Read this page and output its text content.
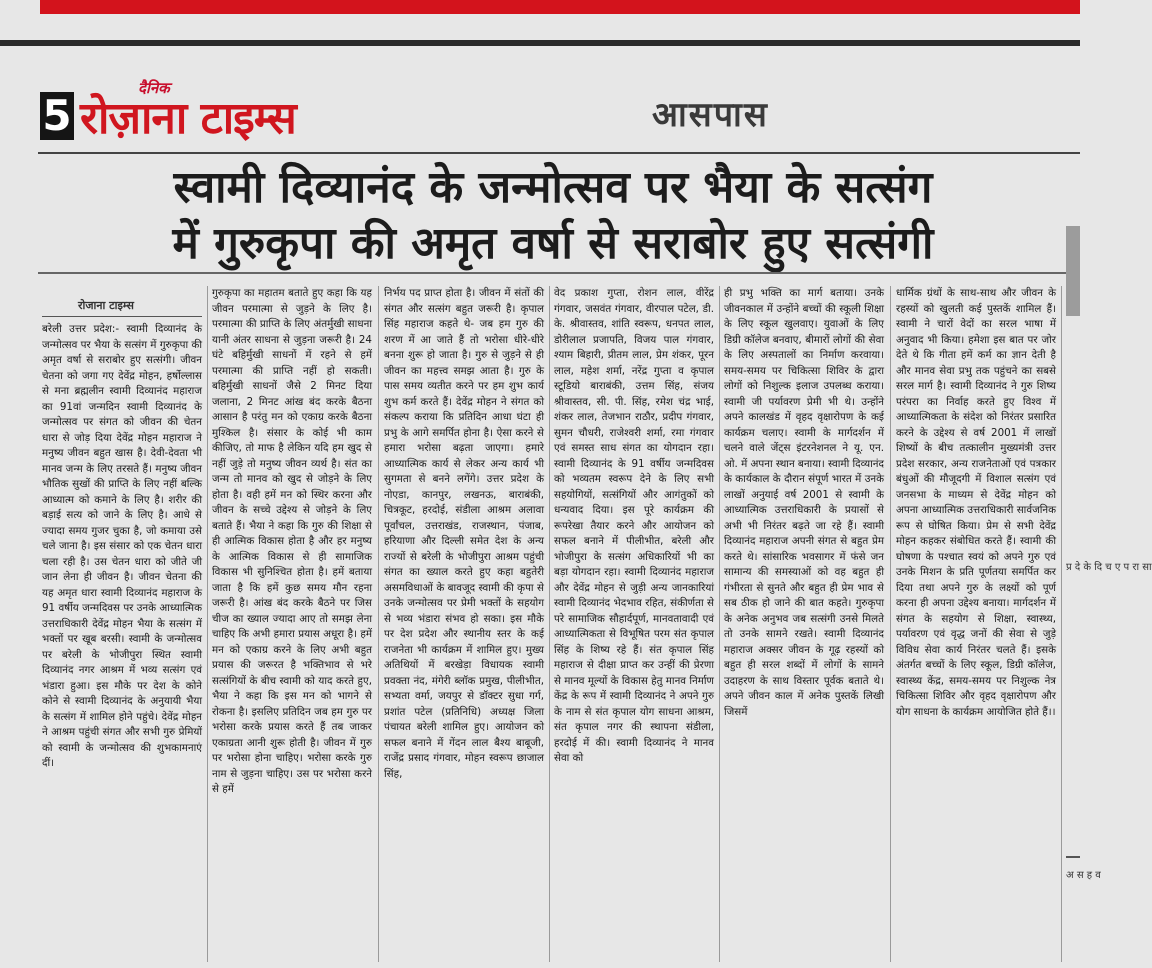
5 रोज़ाना टाइम्स
दैनिक
आसपास
स्वामी दिव्यानंद के जन्मोत्सव पर भैया के सत्संग
में गुरुकृपा की अमृत वर्षा से सराबोर हुए सत्संगी
रोजाना टाइम्स

बरेली उत्तर प्रदेश:- स्वामी दिव्यानंद के जन्मोत्सव पर भैया के सत्संग में गुरुकृपा की अमृत वर्षा से सराबोर हुए सत्संगी। जीवन चेतना को जगा गए देवेंद्र मोहन, हर्षोल्लास से मना ब्रह्मलीन स्वामी दिव्यानंद महाराज का 91वां जन्मदिन स्वामी दिव्यानंद के जन्मोत्सव पर संगत को जीवन की चेतन धारा से जोड़ दिया देवेंद्र मोहन महाराज ने मनुष्य जीवन बहुत खास है। देवी-देवता भी मानव जन्म के लिए तरसते हैं। मनुष्य जीवन भौतिक सुखों की प्राप्ति के लिए नहीं बल्कि आध्यात्म को कमाने के लिए है। शरीर की बड़ाई सत्य को जाने के लिए है। आधे से ज्यादा समय गुजर चुका है, जो कमाया उसे चले जाना है। इस संसार को एक चेतन धारा चला रही है। उस चेतन धारा को जीते जी जान लेना ही जीवन है। जीवन चेतना की यह अमृत धारा स्वामी दिव्यानंद महाराज के 91 वर्षीय जन्मदिवस पर उनके आध्यात्मिक उत्तराधिकारी देवेंद्र मोहन भैया के सत्संग में भक्तों पर खूब बरसी। स्वामी के जन्मोत्सव पर बरेली के भोजीपुरा स्थित स्वामी दिव्यानंद नगर आश्रम में भव्य सत्संग एवं भंडारा हुआ। इस मौके पर देश के कोने कोने से स्वामी दिव्यानंद के अनुयायी भैया के सत्संग में शामिल होने पहुंचे। देवेंद्र मोहन ने आश्रम पहुंची संगत और सभी गुरु प्रेमियों को स्वामी के जन्मोत्सव की शुभकामनाएं दीं।

गुरुकृपा का महातम बताते हुए कहा कि यह जीवन परमात्मा से जुड़ने के लिए है। परमात्मा की प्राप्ति के लिए अंतर्मुखी साधना यानी अंतर साधना से जुड़ना जरूरी है। 24 घंटे बहिर्मुखी साधनों में रहने से हमें परमात्मा की प्राप्ति नहीं हो सकती। बहिर्मुखी साधनों जैसे 2 मिनट दिया जलाना, 2 मिनट आंख बंद करके बैठना आसान है परंतु मन को एकाग्र करके बैठना मुश्किल है। संसार के कोई भी काम कीजिए, तो माफ है लेकिन यदि हम खुद से नहीं जुड़े तो मनुष्य जीवन व्यर्थ है। संत का जन्म तो मानव को खुद से जोड़ने के लिए होता है। वही हमें मन को स्थिर करना और जीवन के सच्चे उद्देश्य से जोड़ने के लिए बताते हैं। भैया ने कहा कि गुरु की शिक्षा से ही आत्मिक विकास होता है और हर मनुष्य के आत्मिक विकास से ही सामाजिक विकास भी सुनिश्चित होता है। हमें बताया जाता है कि हमें कुछ समय मौन रहना जरूरी है। आंख बंद करके बैठने पर जिस चीज का ख्याल ज्यादा आए तो समझ लेना चाहिए कि अभी हमारा प्रयास अधूरा है। हमें मन को एकाग्र करने के लिए अभी बहुत प्रयास की जरूरत है भक्तिभाव से भरे सत्संगियों के बीच स्वामी को याद करते हुए, भैया ने कहा कि इस मन को भागने से रोकना है। इसलिए प्रतिदिन जब हम गुरु पर भरोसा करके प्रयास करते हैं तब जाकर एकाग्रता आनी शुरू होती है। जीवन में गुरु पर भरोसा होना चाहिए। भरोसा करके गुरु नाम से जुड़ना चाहिए। उस पर भरोसा करने से हमें

निर्भय पद प्राप्त होता है। जीवन में संतों की संगत और सत्संग बहुत जरूरी है। कृपाल सिंह महाराज कहते थे- जब हम गुरु की शरण में आ जाते हैं तो भरोसा धीरे-धीरे बनना शुरू हो जाता है। गुरु से जुड़ने से ही जीवन का महत्त्व समझ आता है। गुरु के पास समय व्यतीत करने पर हम शुभ कार्य शुभ कर्म करते हैं। देवेंद्र मोहन ने संगत को संकल्प कराया कि प्रतिदिन आधा घंटा ही प्रभु के आगे समर्पित होना है। ऐसा करने से हमारा भरोसा बढ़ता जाएगा। हमारे आध्यात्मिक कार्य से लेकर अन्य कार्य भी सुगमता से बनने लगेंगे। उत्तर प्रदेश के नोएडा, कानपुर, लखनऊ, बाराबंकी, चित्रकूट, हरदोई, संडीला आश्रम अलावा पूर्वांचल, उत्तराखंड, राजस्थान, पंजाब, हरियाणा और दिल्ली समेत देश के अन्य राज्यों से बरेली के भोजीपुरा आश्रम पहुंची संगत का ख्याल करते हुए कहा बहुतेरी असमविधाओं के बावजूद स्वामी की कृपा से उनके जन्मोत्सव पर प्रेमी भक्तों के सहयोग से भव्य भंडारा संभव हो सका। इस मौके पर देश प्रदेश और स्थानीय स्तर के कई राजनेता भी कार्यक्रम में शामिल हुए। मुख्य अतिथियों में बरखेड़ा विधायक स्वामी प्रवक्ता नंद, मंगेरी ब्लॉक प्रमुख, पीलीभीत, सभ्यता वर्मा, जयपुर से डॉक्टर सुधा गर्ग, प्रशांत पटेल (प्रतिनिधि) अध्यक्ष जिला पंचायत बरेली शामिल हुए। आयोजन को सफल बनाने में गेंदन लाल बैश्य बाबूजी, राजेंद्र प्रसाद गंगवार, मोहन स्वरूप छाजाल सिंह,

वेद प्रकाश गुप्ता, रोशन लाल, वीरेंद्र गंगवार, जसवंत गंगवार, वीरपाल पटेल, डी. के. श्रीवास्तव, शांति स्वरूप, धनपत लाल, डोरीलाल प्रजापति, विजय पाल गंगवार, श्याम बिहारी, प्रीतम लाल, प्रेम शंकर, पूरन लाल, महेश शर्मा, नरेंद्र गुप्ता व कृपाल स्टूडियो बाराबंकी, उत्तम सिंह, संजय श्रीवास्तव, सी. पी. सिंह, रमेश चंद्र भाई, शंकर लाल, तेजभान राठौर, प्रदीप गंगवार, सुमन चौधरी, राजेश्वरी शर्मा, रमा गंगवार एवं समस्त साध संगत का योगदान रहा। स्वामी दिव्यानंद के 91 वर्षीय जन्मदिवस को भव्यतम स्वरूप देने के लिए सभी सहयोगियों, सत्संगियों और आगंतुकों को धन्यवाद दिया। इस पूरे कार्यक्रम की रूपरेखा तैयार करने और आयोजन को सफल बनाने में पीलीभीत, बरेली और भोजीपुरा के सत्संग अधिकारियों भी का बड़ा योगदान रहा। स्वामी दिव्यानंद महाराज और देवेंद्र मोहन से जुड़ी अन्य जानकारियां स्वामी दिव्यानंद भेदभाव रहित, संकीर्णता से परे सामाजिक सौहार्दपूर्ण, मानवतावादी एवं आध्यात्मिकता से विभूषित परम संत कृपाल सिंह के शिष्य रहे हैं। संत कृपाल सिंह महाराज से दीक्षा प्राप्त कर उन्हीं की प्रेरणा से मानव मूल्यों के विकास हेतु मानव निर्माण केंद्र के रूप में स्वामी दिव्यानंद ने अपने गुरु के नाम से संत कृपाल योग साधना आश्रम, संत कृपाल नगर की स्थापना संडीला, हरदोई में की। स्वामी दिव्यानंद ने मानव सेवा को

ही प्रभु भक्ति का मार्ग बताया। उनके जीवनकाल में उन्होंने बच्चों की स्कूली शिक्षा के लिए स्कूल खुलवाए। युवाओं के लिए डिग्री कॉलेज बनवाए, बीमारों लोगों की सेवा के लिए अस्पतालों का निर्माण करवाया। समय-समय पर चिकित्सा शिविर के द्वारा लोगों को निशुल्क इलाज उपलब्ध कराया। स्वामी जी पर्यावरण प्रेमी भी थे। उन्होंने अपने कालखंड में वृहद वृक्षारोपण के कई कार्यक्रम चलाए। स्वामी के मार्गदर्शन में चलने वाले जेंट्स इंटरनेशनल ने यू. एन. ओ. में अपना स्थान बनाया। स्वामी दिव्यानंद के कार्यकाल के दौरान संपूर्ण भारत में उनके लाखों अनुयाई वर्ष 2001 से स्वामी के आध्यात्मिक उत्तराधिकारी के प्रयासों से अभी भी निरंतर बढ़ते जा रहे हैं। स्वामी दिव्यानंद महाराज अपनी संगत से बहुत प्रेम करते थे। सांसारिक भवसागर में फंसे जन सामान्य की समस्याओं को वह बहुत ही गंभीरता से सुनते और बहुत ही प्रेम भाव से सब ठीक हो जाने की बात कहते। गुरुकृपा के अनेक अनुभव जब सत्संगी उनसे मिलते तो उनके सामने रखते। स्वामी दिव्यानंद महाराज अक्सर जीवन के गूढ़ रहस्यों को बहुत ही सरल शब्दों में लोगों के सामने उदाहरण के साथ विस्तार पूर्वक बताते थे। अपने जीवन काल में अनेक पुस्तकें लिखी जिसमें

धार्मिक ग्रंथों के साथ-साथ और जीवन के रहस्यों को खुलती कई पुस्तकें शामिल हैं। स्वामी ने चारों वेदों का सरल भाषा में अनुवाद भी किया। हमेशा इस बात पर जोर देते थे कि गीता हमें कर्म का ज्ञान देती है और मानव सेवा प्रभु तक पहुंचने का सबसे सरल मार्ग है। स्वामी दिव्यानंद ने गुरु शिष्य परंपरा का निर्वाह करते हुए विश्व में आध्यात्मिकता के संदेश को निरंतर प्रसारित करने के उद्देश्य से वर्ष 2001 में लाखों शिष्यों के बीच तत्कालीन मुख्यमंत्री उत्तर प्रदेश सरकार, अन्य राजनेताओं एवं पत्रकार बंधुओं की मौजूदगी में विशाल सत्संग एवं जनसभा के माध्यम से देवेंद्र मोहन को अपना आध्यात्मिक उत्तराधिकारी सार्वजनिक रूप से घोषित किया। प्रेम से सभी देवेंद्र मोहन कहकर संबोधित करते हैं। स्वामी की घोषणा के पश्चात स्वयं को अपने गुरु एवं उनके मिशन के प्रति पूर्णतया समर्पित कर दिया तथा अपने गुरु के लक्ष्यों को पूर्ण करना ही अपना उद्देश्य बनाया। मार्गदर्शन में संगत के सहयोग से शिक्षा, स्वास्थ्य, पर्यावरण एवं वृद्ध जनों की सेवा से जुड़े विविध सेवा कार्य निरंतर चलते हैं। इसके अंतर्गत बच्चों के लिए स्कूल, डिग्री कॉलेज, स्वास्थ्य केंद्र, समय-समय पर निशुल्क नेत्र चिकित्सा शिविर और वृहद वृक्षारोपण और योग साधना के कार्यक्रम आयोजित होते हैं।।

प्र दे के दि च ए प रा सा
अ स ह व
